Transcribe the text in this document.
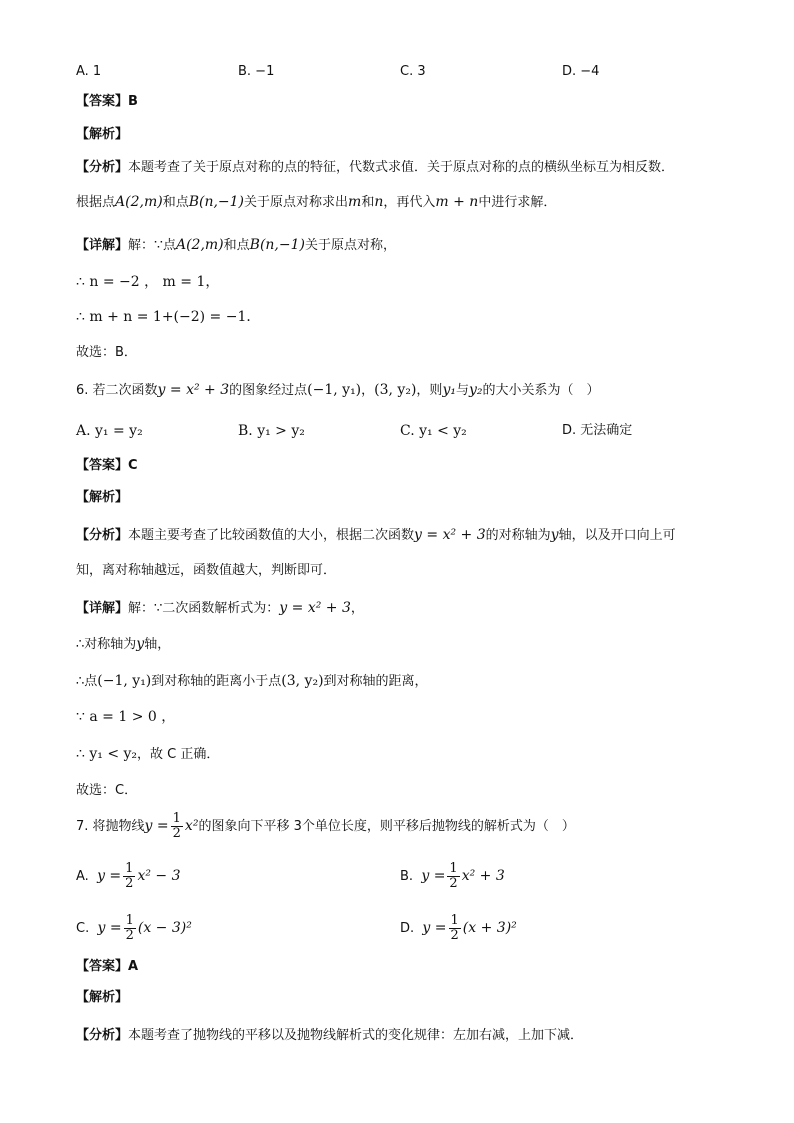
A. 1	B. −1	C. 3	D. −4
【答案】B
【解析】
【分析】本题考查了关于原点对称的点的特征，代数式求值．关于原点对称的点的横纵坐标互为相反数．
根据点A(2,m)和点B(n,−1)关于原点对称求出m和n，再代入m + n中进行求解．
【详解】解：∵点A(2,m)和点B(n,−1)关于原点对称，
∴ n = −2 ， m = 1，
∴ m + n = 1+(−2) = −1．
故选：B．
6. 若二次函数y = x² + 3的图象经过点(−1, y₁)，(3, y₂)，则y₁与y₂的大小关系为（　）
A. y₁ = y₂	B. y₁ > y₂	C. y₁ < y₂	D. 无法确定
【答案】C
【解析】
【分析】本题主要考查了比较函数值的大小，根据二次函数y = x² + 3的对称轴为y轴，以及开口向上可
知，离对称轴越远，函数值越大，判断即可．
【详解】解：∵二次函数解析式为：y = x² + 3，
∴对称轴为y轴，
∴点(−1, y₁)到对称轴的距离小于点(3, y₂)到对称轴的距离，
∵ a = 1 > 0 ，
∴ y₁ < y₂，故 C 正确．
故选：C．
7. 将抛物线$y = \frac{1}{2} x^2$的图象向下平移 3个单位长度，则平移后抛物线的解析式为（　）
A. $y = \frac{1}{2} x^2 - 3$	B. $y = \frac{1}{2} x^2 + 3$
C. $y = \frac{1}{2} (x - 3)^2$	D. $y = \frac{1}{2} (x + 3)^2$
【答案】A
【解析】
【分析】本题考查了抛物线的平移以及抛物线解析式的变化规律：左加右减，上加下减．
